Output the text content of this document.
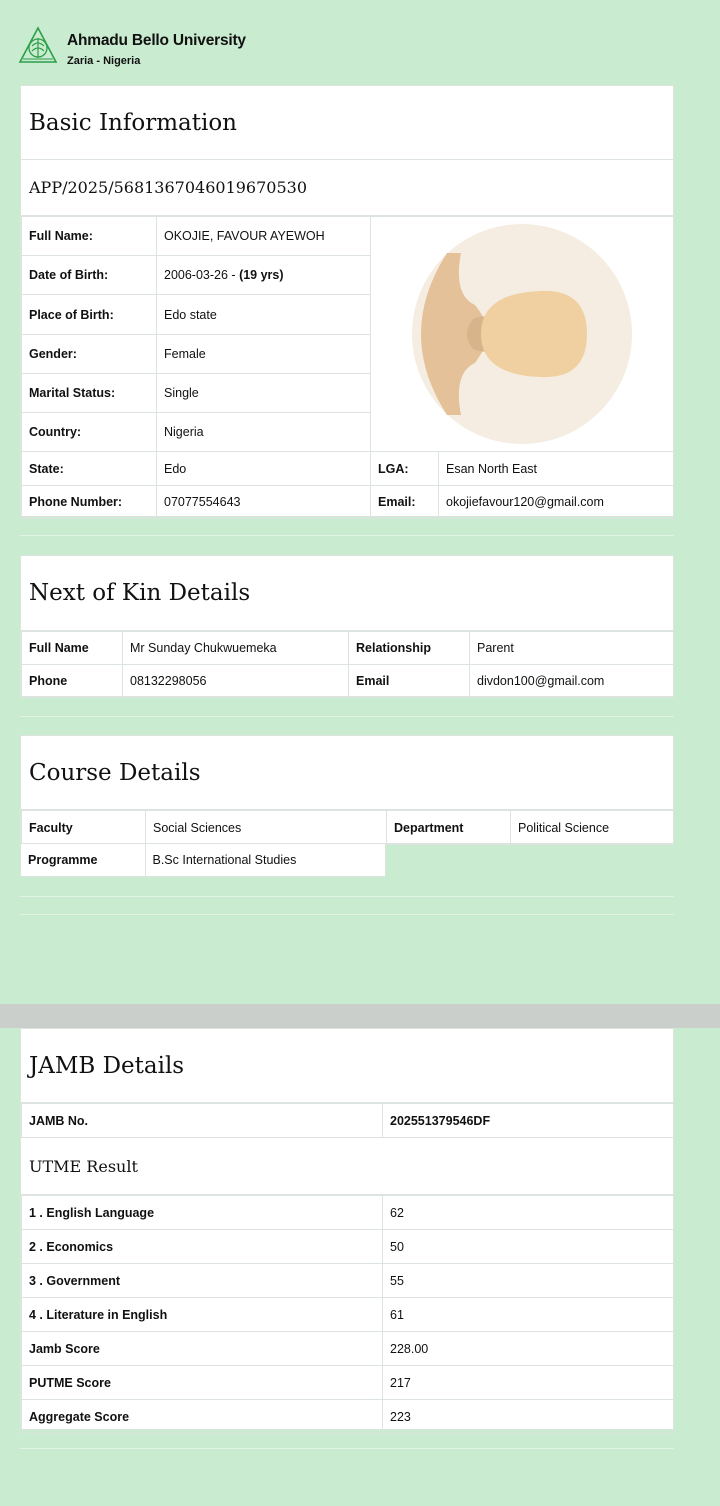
Ahmadu Bello University
Zaria - Nigeria
Basic Information
APP/2025/5681367046019670530
Full Name:	OKOJIE, FAVOUR AYEWOH	

Date of Birth:	2006-03-26 - (19 yrs)		
Place of Birth:	Edo state		
Gender:	Female		
Marital Status:	Single		
Country:	Nigeria		
State:	Edo	LGA:	Esan North East
Phone Number:	07077554643	Email:	okojiefavour120@gmail.com
Next of Kin Details
Full Name	Mr Sunday Chukwuemeka	Relationship	Parent
Phone	08132298056	Email	divdon100@gmail.com
Course Details
Faculty	Social Sciences	Department	Political Science
Programme	B.Sc International Studies
JAMB Details
JAMB No.	202551379546DF
UTME Result
1 . English Language	62
2 . Economics	50
3 . Government	55
4 . Literature in English	61
Jamb Score	228.00
PUTME Score	217
Aggregate Score	223
